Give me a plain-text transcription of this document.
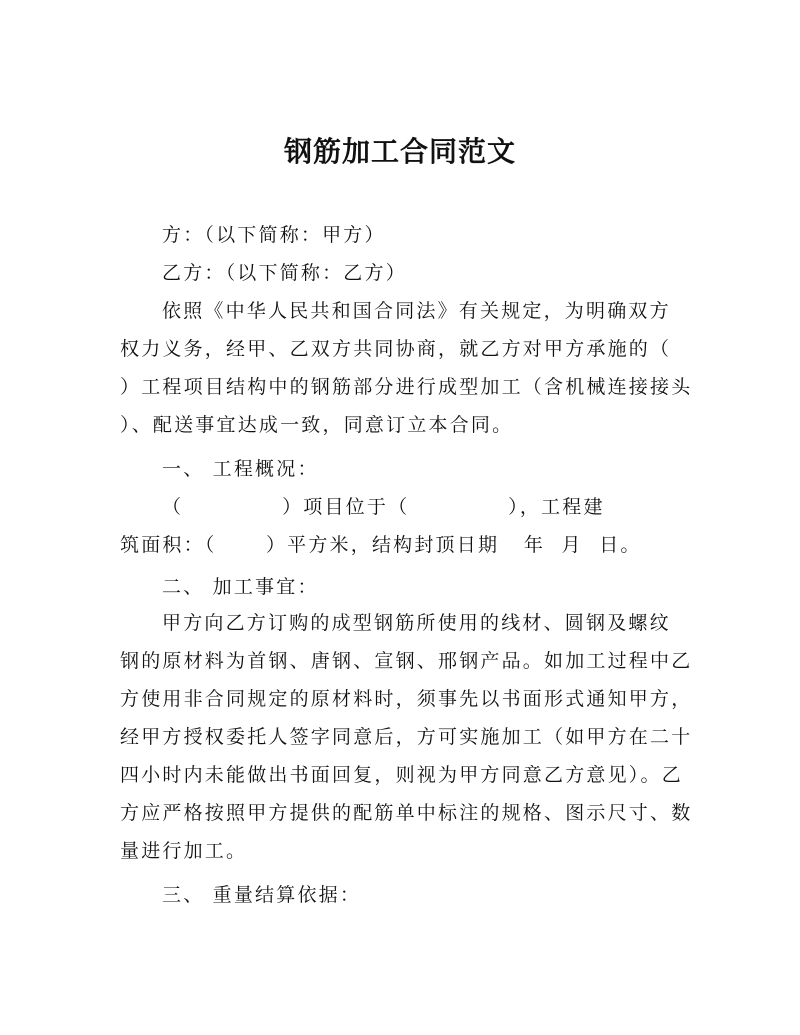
钢筋加工合同范文
方：（以下简称：甲方）
乙方：（以下简称：乙方）
依照《中华人民共和国合同法》有关规定，为明确双方
权力义务，经甲、乙双方共同协商，就乙方对甲方承施的（
）工程项目结构中的钢筋部分进行成型加工（含机械连接接头
）、配送事宜达成一致，同意订立本合同。
一、 工程概况：
（            ）项目位于（            ），工程建
筑面积：（      ）平方米，结构封顶日期   年  月  日。
二、 加工事宜：
甲方向乙方订购的成型钢筋所使用的线材、圆钢及螺纹
钢的原材料为首钢、唐钢、宣钢、邢钢产品。如加工过程中乙
方使用非合同规定的原材料时，须事先以书面形式通知甲方，
经甲方授权委托人签字同意后，方可实施加工（如甲方在二十
四小时内未能做出书面回复，则视为甲方同意乙方意见）。乙
方应严格按照甲方提供的配筋单中标注的规格、图示尺寸、数
量进行加工。
三、 重量结算依据：
